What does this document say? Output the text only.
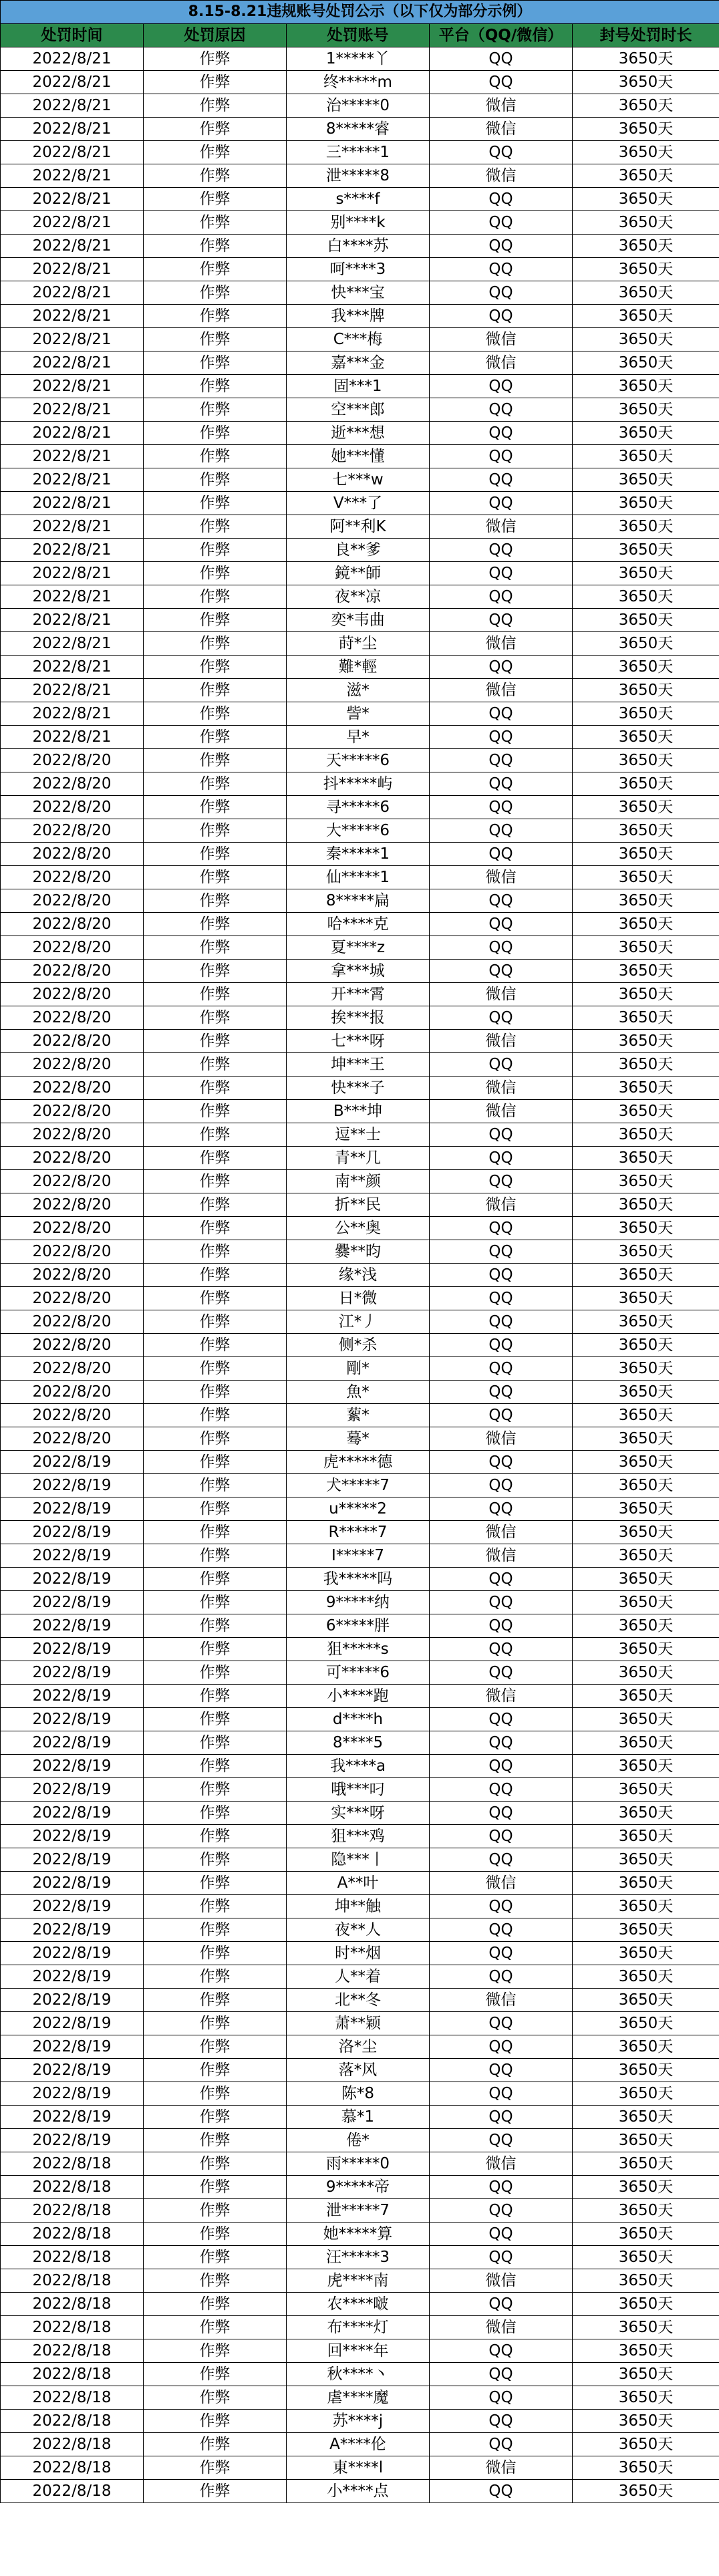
8.15-8.21违规账号处罚公示（以下仅为部分示例）				
处罚时间	处罚原因	处罚账号	平台（QQ/微信）	封号处罚时长
2022/8/21	作弊	1*****丫	QQ	3650天
2022/8/21	作弊	终*****m	QQ	3650天
2022/8/21	作弊	治*****0	微信	3650天
2022/8/21	作弊	8*****睿	微信	3650天
2022/8/21	作弊	三*****1	QQ	3650天
2022/8/21	作弊	泄*****8	微信	3650天
2022/8/21	作弊	s****f	QQ	3650天
2022/8/21	作弊	别****k	QQ	3650天
2022/8/21	作弊	白****苏	QQ	3650天
2022/8/21	作弊	呵****3	QQ	3650天
2022/8/21	作弊	快***宝	QQ	3650天
2022/8/21	作弊	我***牌	QQ	3650天
2022/8/21	作弊	C***梅	微信	3650天
2022/8/21	作弊	嘉***金	微信	3650天
2022/8/21	作弊	固***1	QQ	3650天
2022/8/21	作弊	空***郎	QQ	3650天
2022/8/21	作弊	逝***想	QQ	3650天
2022/8/21	作弊	她***懂	QQ	3650天
2022/8/21	作弊	七***w	QQ	3650天
2022/8/21	作弊	V***了	QQ	3650天
2022/8/21	作弊	阿**利K	微信	3650天
2022/8/21	作弊	良**爹	QQ	3650天
2022/8/21	作弊	鏡**師	QQ	3650天
2022/8/21	作弊	夜**凉	QQ	3650天
2022/8/21	作弊	奕*韦曲	QQ	3650天
2022/8/21	作弊	莳*尘	微信	3650天
2022/8/21	作弊	難*輕	QQ	3650天
2022/8/21	作弊	滋*	微信	3650天
2022/8/21	作弊	訾*	QQ	3650天
2022/8/21	作弊	早*	QQ	3650天
2022/8/20	作弊	天*****6	QQ	3650天
2022/8/20	作弊	抖*****屿	QQ	3650天
2022/8/20	作弊	寻*****6	QQ	3650天
2022/8/20	作弊	大*****6	QQ	3650天
2022/8/20	作弊	秦*****1	QQ	3650天
2022/8/20	作弊	仙*****1	微信	3650天
2022/8/20	作弊	8*****扁	QQ	3650天
2022/8/20	作弊	哈****克	QQ	3650天
2022/8/20	作弊	夏****z	QQ	3650天
2022/8/20	作弊	拿***城	QQ	3650天
2022/8/20	作弊	开***霄	微信	3650天
2022/8/20	作弊	挨***报	QQ	3650天
2022/8/20	作弊	七***呀	微信	3650天
2022/8/20	作弊	坤***王	QQ	3650天
2022/8/20	作弊	快***子	微信	3650天
2022/8/20	作弊	B***坤	微信	3650天
2022/8/20	作弊	逗**士	QQ	3650天
2022/8/20	作弊	青**几	QQ	3650天
2022/8/20	作弊	南**颜	QQ	3650天
2022/8/20	作弊	折**民	微信	3650天
2022/8/20	作弊	公**奥	QQ	3650天
2022/8/20	作弊	爨**昀	QQ	3650天
2022/8/20	作弊	缘*浅	QQ	3650天
2022/8/20	作弊	日*微	QQ	3650天
2022/8/20	作弊	江*丿	QQ	3650天
2022/8/20	作弊	侧*杀	QQ	3650天
2022/8/20	作弊	剛*	QQ	3650天
2022/8/20	作弊	魚*	QQ	3650天
2022/8/20	作弊	蕠*	QQ	3650天
2022/8/20	作弊	蓦*	微信	3650天
2022/8/19	作弊	虎*****德	QQ	3650天
2022/8/19	作弊	犬*****7	QQ	3650天
2022/8/19	作弊	u*****2	QQ	3650天
2022/8/19	作弊	R*****7	微信	3650天
2022/8/19	作弊	I*****7	微信	3650天
2022/8/19	作弊	我*****吗	QQ	3650天
2022/8/19	作弊	9*****纳	QQ	3650天
2022/8/19	作弊	6*****胖	QQ	3650天
2022/8/19	作弊	狙*****s	QQ	3650天
2022/8/19	作弊	可*****6	QQ	3650天
2022/8/19	作弊	小****跑	微信	3650天
2022/8/19	作弊	d****h	QQ	3650天
2022/8/19	作弊	8****5	QQ	3650天
2022/8/19	作弊	我****a	QQ	3650天
2022/8/19	作弊	哦***叼	QQ	3650天
2022/8/19	作弊	实***呀	QQ	3650天
2022/8/19	作弊	狙***鸡	QQ	3650天
2022/8/19	作弊	隐***丨	QQ	3650天
2022/8/19	作弊	A**叶	微信	3650天
2022/8/19	作弊	坤**触	QQ	3650天
2022/8/19	作弊	夜**人	QQ	3650天
2022/8/19	作弊	时**烟	QQ	3650天
2022/8/19	作弊	人**着	QQ	3650天
2022/8/19	作弊	北**冬	微信	3650天
2022/8/19	作弊	萧**颖	QQ	3650天
2022/8/19	作弊	洛*尘	QQ	3650天
2022/8/19	作弊	落*风	QQ	3650天
2022/8/19	作弊	陈*8	QQ	3650天
2022/8/19	作弊	慕*1	QQ	3650天
2022/8/19	作弊	倦*	QQ	3650天
2022/8/18	作弊	雨*****0	微信	3650天
2022/8/18	作弊	9*****帝	QQ	3650天
2022/8/18	作弊	泄*****7	QQ	3650天
2022/8/18	作弊	她*****算	QQ	3650天
2022/8/18	作弊	汪*****3	QQ	3650天
2022/8/18	作弊	虎****南	微信	3650天
2022/8/18	作弊	农****啵	QQ	3650天
2022/8/18	作弊	布****灯	微信	3650天
2022/8/18	作弊	回****年	QQ	3650天
2022/8/18	作弊	秋****丶	QQ	3650天
2022/8/18	作弊	虐****魔	QQ	3650天
2022/8/18	作弊	苏****j	QQ	3650天
2022/8/18	作弊	A****伦	QQ	3650天
2022/8/18	作弊	東****l	微信	3650天
2022/8/18	作弊	小****点	QQ	3650天
